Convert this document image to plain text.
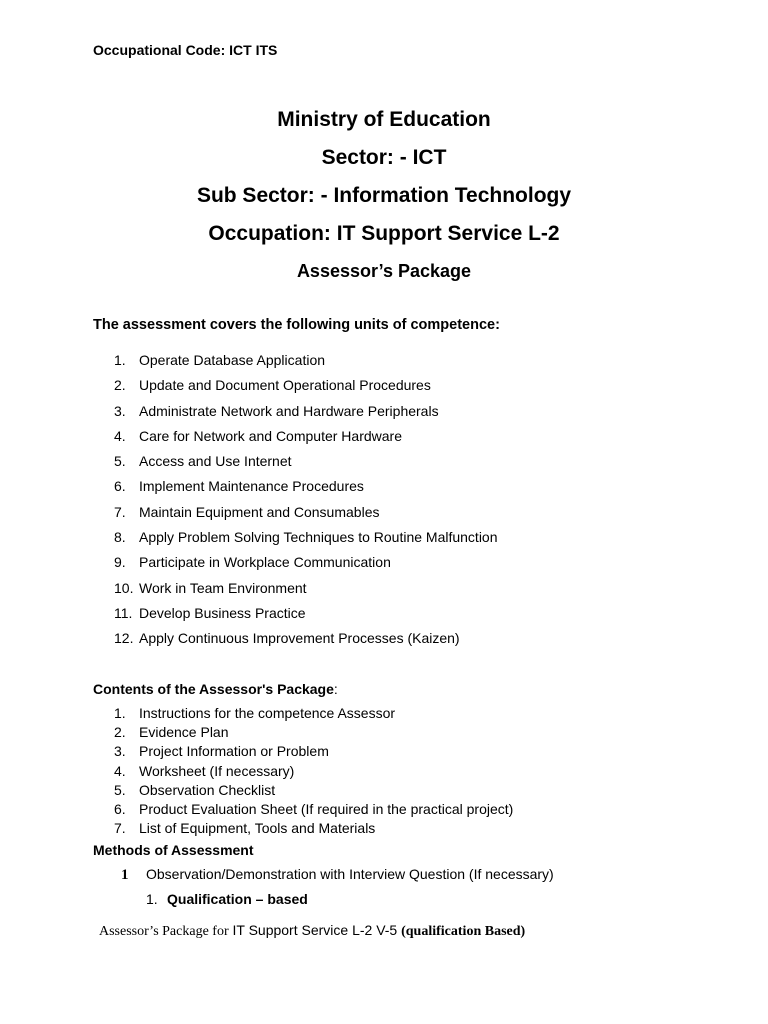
Occupational Code: ICT ITS
Ministry of Education
Sector: - ICT
Sub Sector: - Information Technology
Occupation: IT Support Service L-2
Assessor’s Package
The assessment covers the following units of competence:
1. Operate Database Application
2. Update and Document Operational Procedures
3. Administrate Network and Hardware Peripherals
4. Care for Network and Computer Hardware
5. Access and Use Internet
6. Implement Maintenance Procedures
7. Maintain Equipment and Consumables
8. Apply Problem Solving Techniques to Routine Malfunction
9. Participate in Workplace Communication
10. Work in Team Environment
11. Develop Business Practice
12. Apply Continuous Improvement Processes (Kaizen)
Contents of the Assessor's Package:
1. Instructions for the competence Assessor
2. Evidence Plan
3. Project Information or Problem
4. Worksheet (If necessary)
5. Observation Checklist
6. Product Evaluation Sheet (If required in the practical project)
7. List of Equipment, Tools and Materials
Methods of Assessment
1 Observation/Demonstration with Interview Question (If necessary)
1. Qualification – based
Assessor’s Package for IT Support Service L-2 V-5 (qualification Based)
